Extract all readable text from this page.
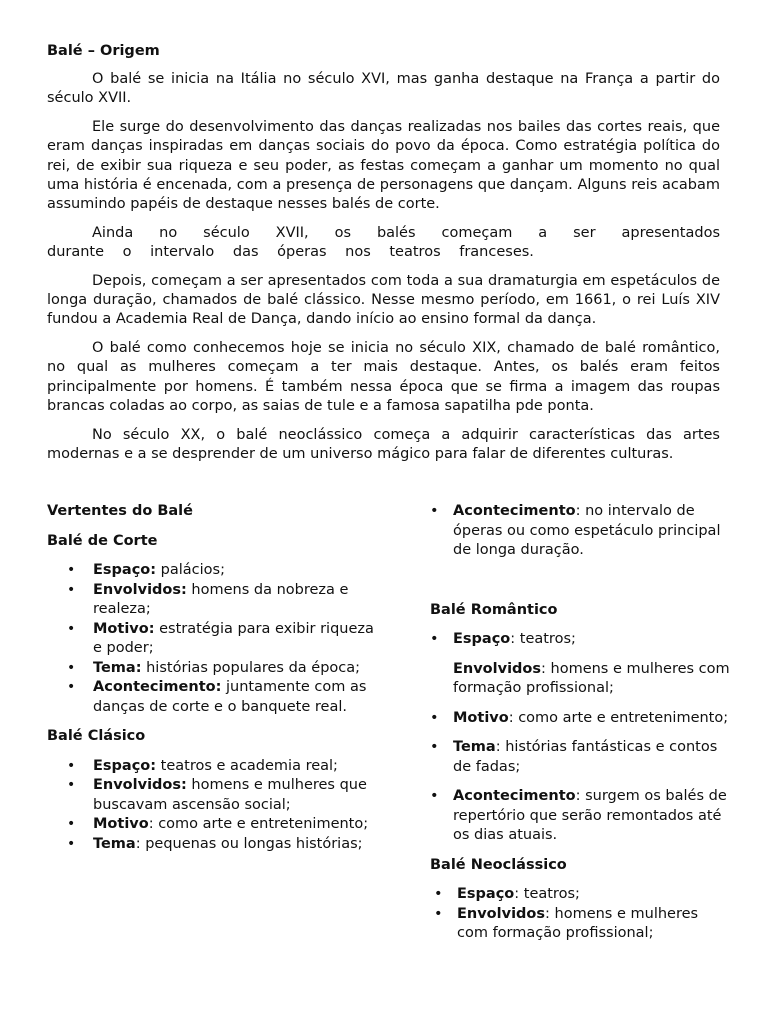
Balé – Origem

O balé se inicia na Itália no século XVI, mas ganha destaque na França a partir do século XVII.

Ele surge do desenvolvimento das danças realizadas nos bailes das cortes reais, que eram danças inspiradas em danças sociais do povo da época. Como estratégia política do rei, de exibir sua riqueza e seu poder, as festas começam a ganhar um momento no qual uma história é encenada, com a presença de personagens que dançam. Alguns reis acabam assumindo papéis de destaque nesses balés de corte.

Ainda no século XVII, os balés começam a ser apresentados durante o intervalo das óperas nos teatros franceses.

Depois, começam a ser apresentados com toda a sua dramaturgia em espetáculos de longa duração, chamados de balé clássico. Nesse mesmo período, em 1661, o rei Luís XIV fundou a Academia Real de Dança, dando início ao ensino formal da dança.

O balé como conhecemos hoje se inicia no século XIX, chamado de balé romântico, no qual as mulheres começam a ter mais destaque. Antes, os balés eram feitos principalmente por homens. É também nessa época que se firma a imagem das roupas brancas coladas ao corpo, as saias de tule e a famosa sapatilha pde ponta.

No século XX, o balé neoclássico começa a adquirir características das artes modernas e a se desprender de um universo mágico para falar de diferentes culturas.

Vertentes do Balé
Balé de Corte
• Espaço: palácios;
• Envolvidos: homens da nobreza e realeza;
• Motivo: estratégia para exibir riqueza e poder;
• Tema: histórias populares da época;
• Acontecimento: juntamente com as danças de corte e o banquete real.
Balé Clásico
• Espaço: teatros e academia real;
• Envolvidos: homens e mulheres que buscavam ascensão social;
• Motivo: como arte e entretenimento;
• Tema: pequenas ou longas histórias;
• Acontecimento: no intervalo de óperas ou como espetáculo principal de longa duração.
Balé Romântico
• Espaço: teatros;
Envolvidos: homens e mulheres com formação profissional;
• Motivo: como arte e entretenimento;
• Tema: histórias fantásticas e contos de fadas;
• Acontecimento: surgem os balés de repertório que serão remontados até os dias atuais.
Balé Neoclássico
• Espaço: teatros;
• Envolvidos: homens e mulheres com formação profissional;
